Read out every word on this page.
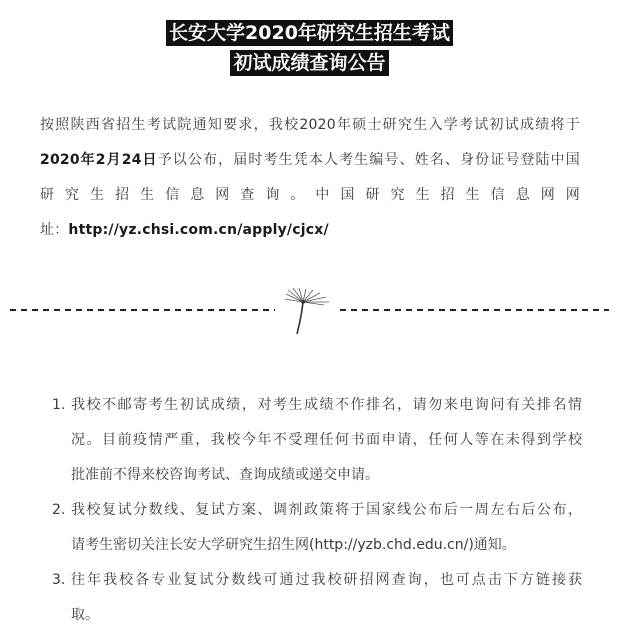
长安大学2020年研究生招生考试
初试成绩查询公告
按照陕西省招生考试院通知要求，我校2020年硕士研究生入学考试初试成绩将于
2020年2月24日予以公布，届时考生凭本人考生编号、姓名、身份证号登陆中国
研究生招生信息网查询。中国研究生招生信息网网
址：http://yz.chsi.com.cn/apply/cjcx/
1. 我校不邮寄考生初试成绩，对考生成绩不作排名，请勿来电询问有关排名情
况。目前疫情严重，我校今年不受理任何书面申请，任何人等在未得到学校
批准前不得来校咨询考试、查询成绩或递交申请。
2. 我校复试分数线、复试方案、调剂政策将于国家线公布后一周左右后公布，
请考生密切关注长安大学研究生招生网(http://yzb.chd.edu.cn/)通知。
3. 往年我校各专业复试分数线可通过我校研招网查询，也可点击下方链接获
取。
